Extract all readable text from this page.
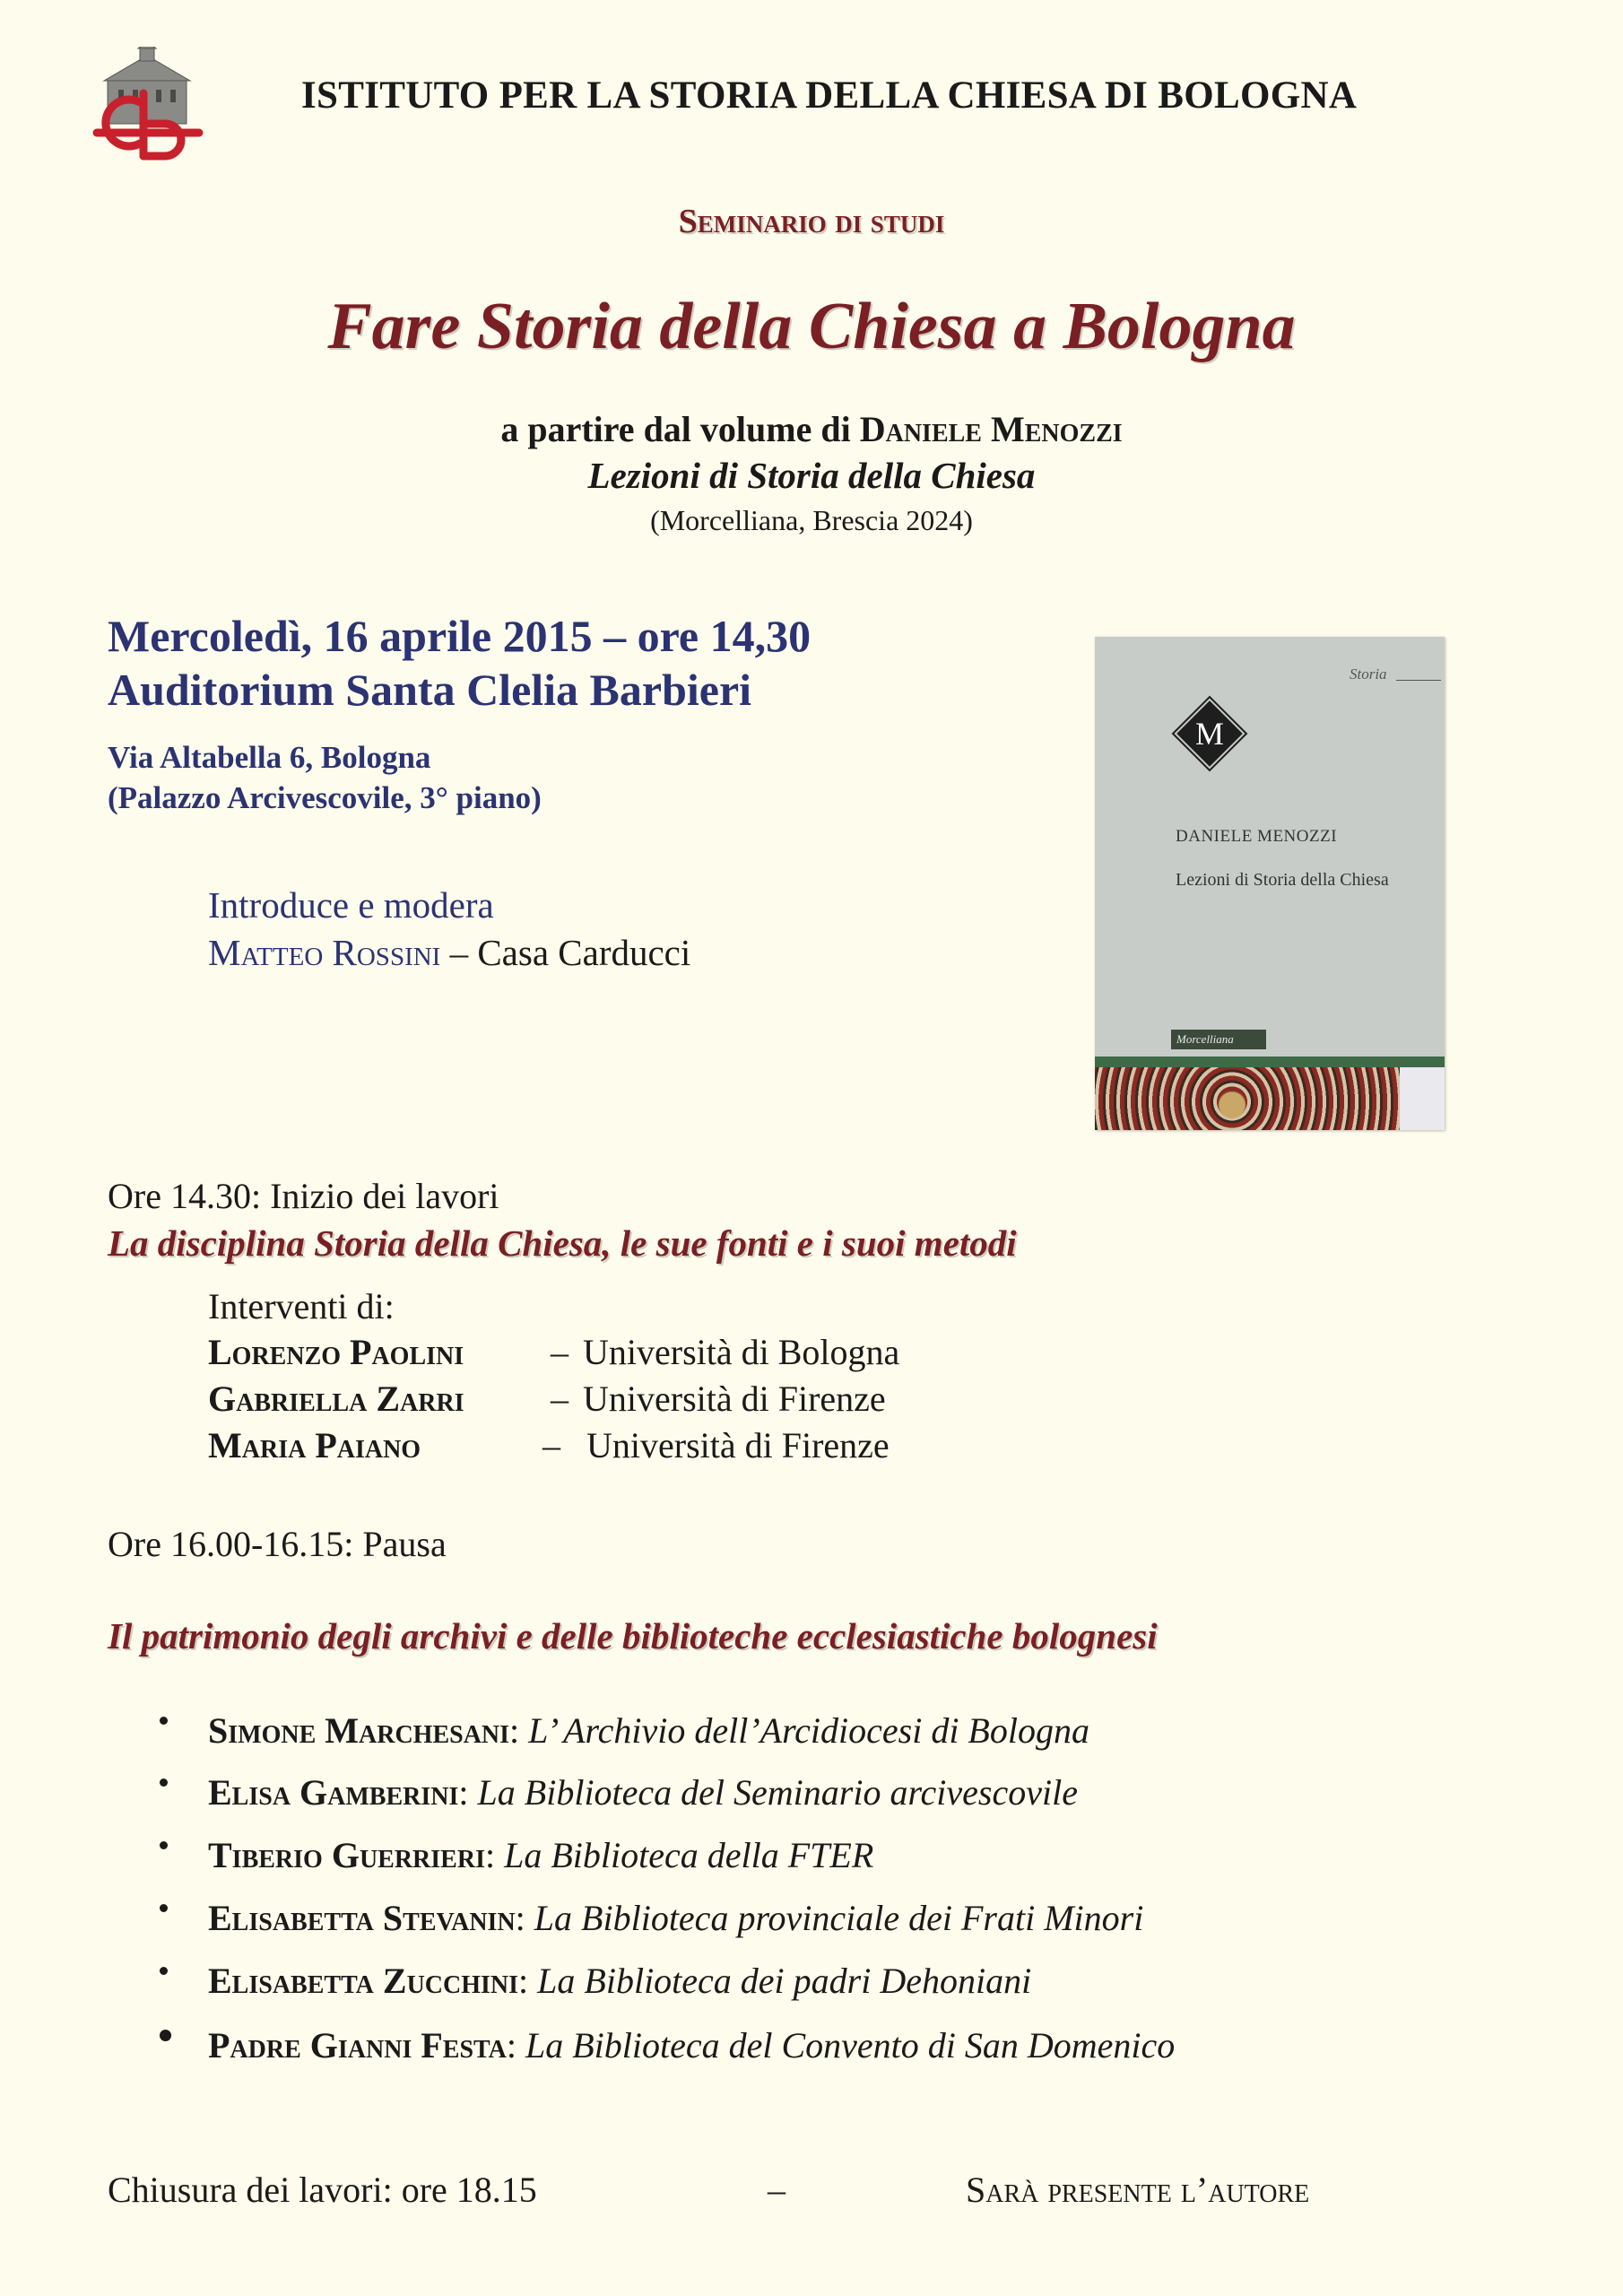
ISTITUTO PER LA STORIA DELLA CHIESA DI BOLOGNA
Seminario di studi
Fare Storia della Chiesa a Bologna
a partire dal volume di Daniele Menozzi
Lezioni di Storia della Chiesa
(Morcelliana, Brescia 2024)
Mercoledì, 16 aprile 2015 – ore 14,30
Auditorium Santa Clelia Barbieri
Via Altabella 6, Bologna
(Palazzo Arcivescovile, 3° piano)
Introduce e modera
Matteo Rossini – Casa Carducci
Storia
M
DANIELE MENOZZI
Lezioni di Storia della Chiesa
Morcelliana
Ore 14.30: Inizio dei lavori
La disciplina Storia della Chiesa, le sue fonti e i suoi metodi
Interventi di:
Lorenzo Paolini – Università di Bologna
Gabriella Zarri – Università di Firenze
Maria Paiano	– Università di Firenze
Ore 16.00-16.15: Pausa
Il patrimonio degli archivi e delle biblioteche ecclesiastiche bolognesi
Simone Marchesani: L’ Archivio dell’Arcidiocesi di Bologna
Elisa Gamberini: La Biblioteca del Seminario arcivescovile
Tiberio Guerrieri: La Biblioteca della FTER
Elisabetta Stevanin: La Biblioteca provinciale dei Frati Minori
Elisabetta Zucchini: La Biblioteca dei padri Dehoniani
Padre Gianni Festa: La Biblioteca del Convento di San Domenico
Chiusura dei lavori: ore 18.15	–	Sarà presente l’autore
